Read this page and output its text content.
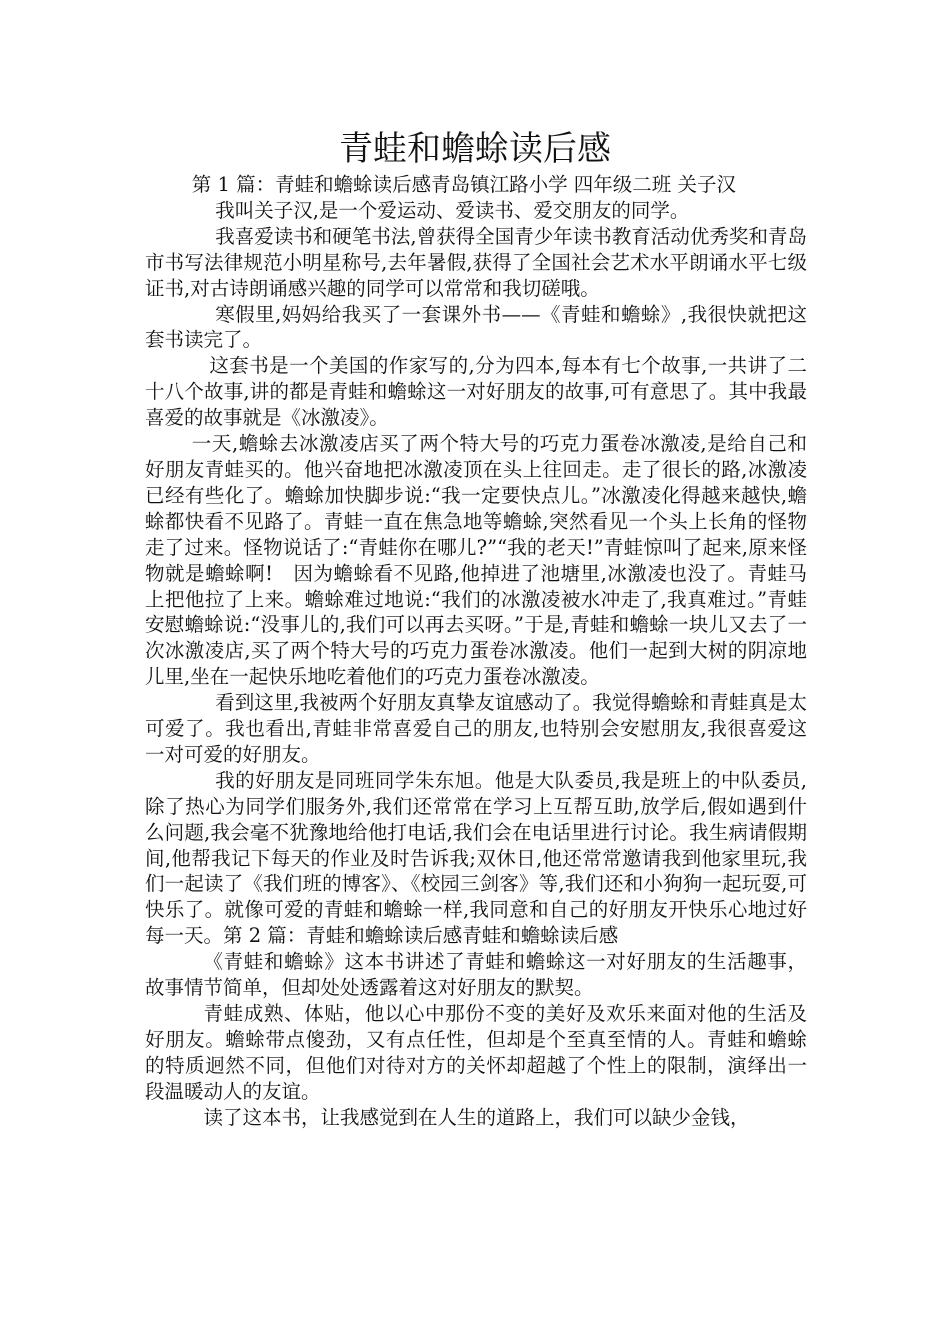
青蛙和蟾蜍读后感

第 1 篇：青蛙和蟾蜍读后感青岛镇江路小学 四年级二班 关子汉

我叫关子汉,是一个爱运动、爱读书、爱交朋友的同学。

我喜爱读书和硬笔书法,曾获得全国青少年读书教育活动优秀奖和青岛市书写法律规范小明星称号,去年暑假,获得了全国社会艺术水平朗诵水平七级证书,对古诗朗诵感兴趣的同学可以常常和我切磋哦。

寒假里,妈妈给我买了一套课外书——《青蛙和蟾蜍》,我很快就把这套书读完了。

这套书是一个美国的作家写的,分为四本,每本有七个故事,一共讲了二十八个故事,讲的都是青蛙和蟾蜍这一对好朋友的故事,可有意思了。其中我最喜爱的故事就是《冰激凌》。

一天,蟾蜍去冰激凌店买了两个特大号的巧克力蛋卷冰激凌,是给自己和好朋友青蛙买的。他兴奋地把冰激凌顶在头上往回走。走了很长的路,冰激凌已经有些化了。蟾蜍加快脚步说:“我一定要快点儿。”冰激凌化得越来越快,蟾蜍都快看不见路了。青蛙一直在焦急地等蟾蜍,突然看见一个头上长角的怪物走了过来。怪物说话了:“青蛙你在哪儿?”“我的老天!”青蛙惊叫了起来,原来怪物就是蟾蜍啊!　因为蟾蜍看不见路,他掉进了池塘里,冰激凌也没了。青蛙马上把他拉了上来。蟾蜍难过地说:“我们的冰激凌被水冲走了,我真难过。”青蛙安慰蟾蜍说:“没事儿的,我们可以再去买呀。”于是,青蛙和蟾蜍一块儿又去了一次冰激凌店,买了两个特大号的巧克力蛋卷冰激凌。他们一起到大树的阴凉地儿里,坐在一起快乐地吃着他们的巧克力蛋卷冰激凌。

看到这里,我被两个好朋友真挚友谊感动了。我觉得蟾蜍和青蛙真是太可爱了。我也看出,青蛙非常喜爱自己的朋友,也特别会安慰朋友,我很喜爱这一对可爱的好朋友。

我的好朋友是同班同学朱东旭。他是大队委员,我是班上的中队委员,除了热心为同学们服务外,我们还常常在学习上互帮互助,放学后,假如遇到什么问题,我会毫不犹豫地给他打电话,我们会在电话里进行讨论。我生病请假期间,他帮我记下每天的作业及时告诉我;双休日,他还常常邀请我到他家里玩,我们一起读了《我们班的博客》、《校园三剑客》等,我们还和小狗狗一起玩耍,可快乐了。就像可爱的青蛙和蟾蜍一样,我同意和自己的好朋友开快乐心地过好每一天。第 2 篇：青蛙和蟾蜍读后感青蛙和蟾蜍读后感

《青蛙和蟾蜍》这本书讲述了青蛙和蟾蜍这一对好朋友的生活趣事，故事情节简单，但却处处透露着这对好朋友的默契。

青蛙成熟、体贴，他以心中那份不变的美好及欢乐来面对他的生活及好朋友。蟾蜍带点傻劲，又有点任性，但却是个至真至情的人。青蛙和蟾蜍的特质迥然不同，但他们对待对方的关怀却超越了个性上的限制，演绎出一段温暖动人的友谊。

读了这本书，让我感觉到在人生的道路上，我们可以缺少金钱，
